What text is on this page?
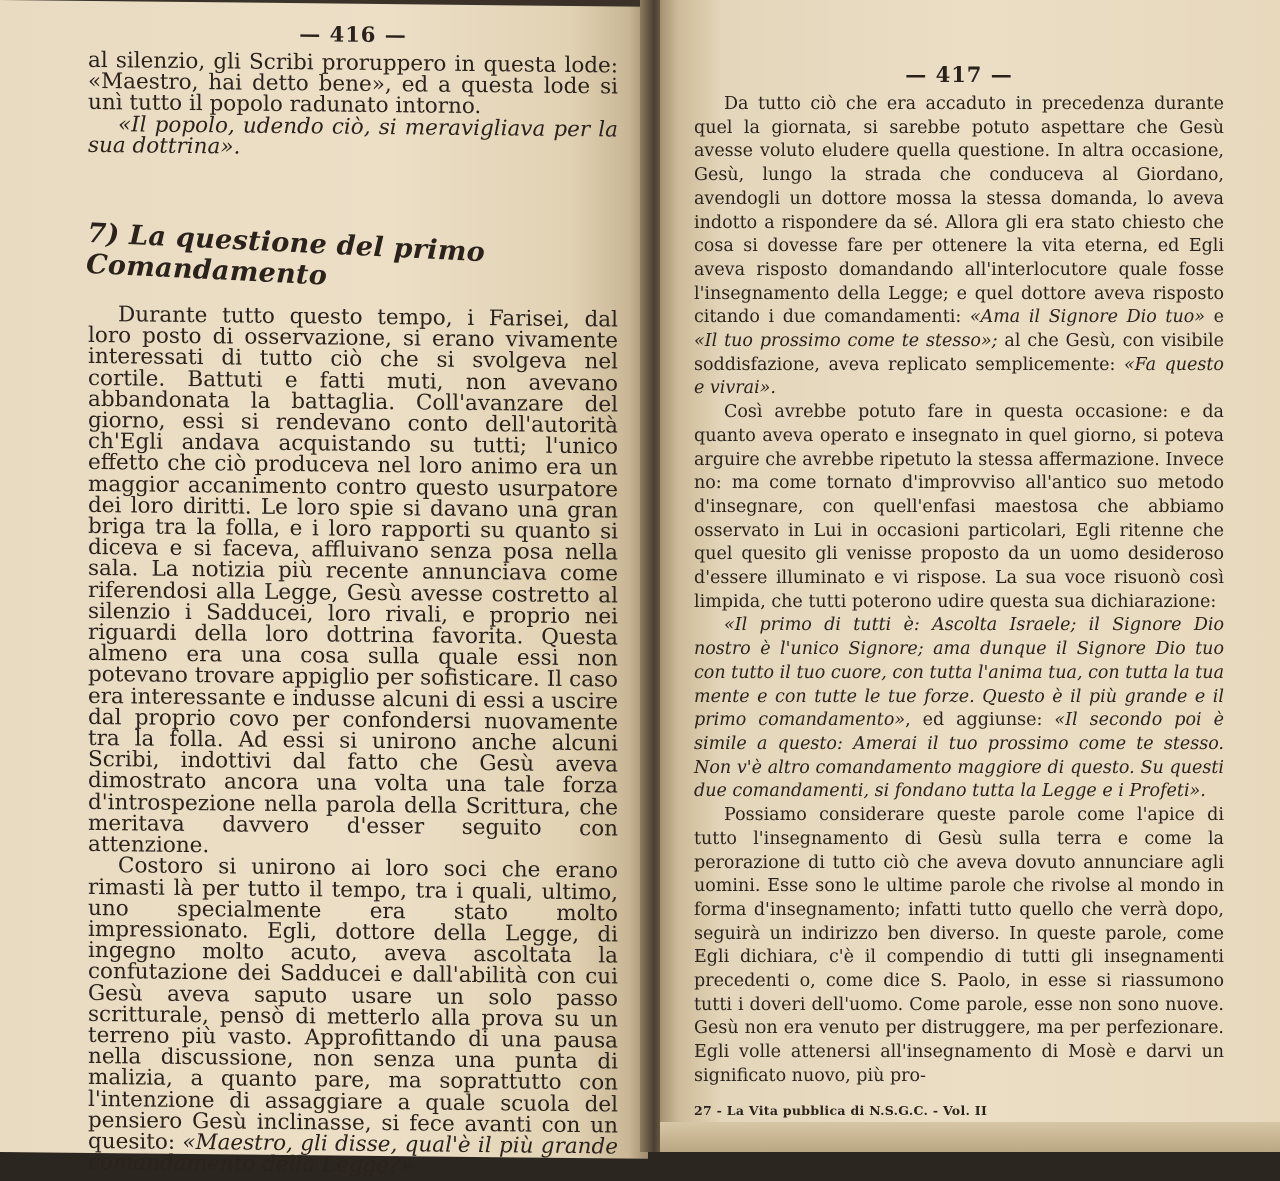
— 416 —

al silenzio, gli Scribi proruppero in questa lode: «Maestro, hai detto bene», ed a questa lode si unì tutto il popolo radunato intorno.

«Il popolo, udendo ciò, si meravigliava per la sua dottrina».

7) La questione del primo Comandamento

Durante tutto questo tempo, i Farisei, dal loro posto di osservazione, si erano vivamente interessati di tutto ciò che si svolgeva nel cortile. Battuti e fatti muti, non avevano abbandonata la battaglia. Coll'avanzare del giorno, essi si rendevano conto dell'autorità ch'Egli andava acquistando su tutti; l'unico effetto che ciò produceva nel loro animo era un maggior accanimento contro questo usurpatore dei loro diritti. Le loro spie si davano una gran briga tra la folla, e i loro rapporti su quanto si diceva e si faceva, affluivano senza posa nella sala. La notizia più recente annunciava come riferendosi alla Legge, Gesù avesse costretto al silenzio i Sadducei, loro rivali, e proprio nei riguardi della loro dottrina favorita. Questa almeno era una cosa sulla quale essi non potevano trovare appiglio per sofisticare. Il caso era interessante e indusse alcuni di essi a uscire dal proprio covo per confondersi nuovamente tra la folla. Ad essi si unirono anche alcuni Scribi, indottivi dal fatto che Gesù aveva dimostrato ancora una volta una tale forza d'introspezione nella parola della Scrittura, che meritava davvero d'esser seguito con attenzione.

Costoro si unirono ai loro soci che erano rimasti là per tutto il tempo, tra i quali, ultimo, uno specialmente era stato molto impressionato. Egli, dottore della Legge, di ingegno molto acuto, aveva ascoltata la confutazione dei Sadducei e dall'abilità con cui Gesù aveva saputo usare un solo passo scritturale, pensò di metterlo alla prova su un terreno più vasto. Approfittando di una pausa nella discussione, non senza una punta di malizia, a quanto pare, ma soprattutto con l'intenzione di assaggiare a quale scuola del pensiero Gesù inclinasse, si fece avanti con un quesito: «Maestro, gli disse, qual'è il più grande comandamento della Legge?»

— 417 —

Da tutto ciò che era accaduto in precedenza durante quel la giornata, si sarebbe potuto aspettare che Gesù avesse voluto eludere quella questione. In altra occasione, Gesù, lungo la strada che conduceva al Giordano, avendogli un dottore mossa la stessa domanda, lo aveva indotto a rispondere da sé. Allora gli era stato chiesto che cosa si dovesse fare per ottenere la vita eterna, ed Egli aveva risposto domandando all'interlocutore quale fosse l'insegnamento della Legge; e quel dottore aveva risposto citando i due comandamenti: «Ama il Signore Dio tuo» e «Il tuo prossimo come te stesso»; al che Gesù, con visibile soddisfazione, aveva replicato semplicemente: «Fa questo e vivrai».

Così avrebbe potuto fare in questa occasione: e da quanto aveva operato e insegnato in quel giorno, si poteva arguire che avrebbe ripetuto la stessa affermazione. Invece no: ma come tornato d'improvviso all'antico suo metodo d'insegnare, con quell'enfasi maestosa che abbiamo osservato in Lui in occasioni particolari, Egli ritenne che quel quesito gli venisse proposto da un uomo desideroso d'essere illuminato e vi rispose. La sua voce risuonò così limpida, che tutti poterono udire questa sua dichiarazione:

«Il primo di tutti è: Ascolta Israele; il Signore Dio nostro è l'unico Signore; ama dunque il Signore Dio tuo con tutto il tuo cuore, con tutta l'anima tua, con tutta la tua mente e con tutte le tue forze. Questo è il più grande e il primo comandamento», ed aggiunse: «Il secondo poi è simile a questo: Amerai il tuo prossimo come te stesso. Non v'è altro comandamento maggiore di questo. Su questi due comandamenti, si fondano tutta la Legge e i Profeti».

Possiamo considerare queste parole come l'apice di tutto l'insegnamento di Gesù sulla terra e come la perorazione di tutto ciò che aveva dovuto annunciare agli uomini. Esse sono le ultime parole che rivolse al mondo in forma d'insegnamento; infatti tutto quello che verrà dopo, seguirà un indirizzo ben diverso. In queste parole, come Egli dichiara, c'è il compendio di tutti gli insegnamenti precedenti o, come dice S. Paolo, in esse si riassumono tutti i doveri dell'uomo. Come parole, esse non sono nuove. Gesù non era venuto per distruggere, ma per perfezionare. Egli volle attenersi all'insegnamento di Mosè e darvi un significato nuovo, più pro-

27 - La Vita pubblica di N.S.G.C. - Vol. II
